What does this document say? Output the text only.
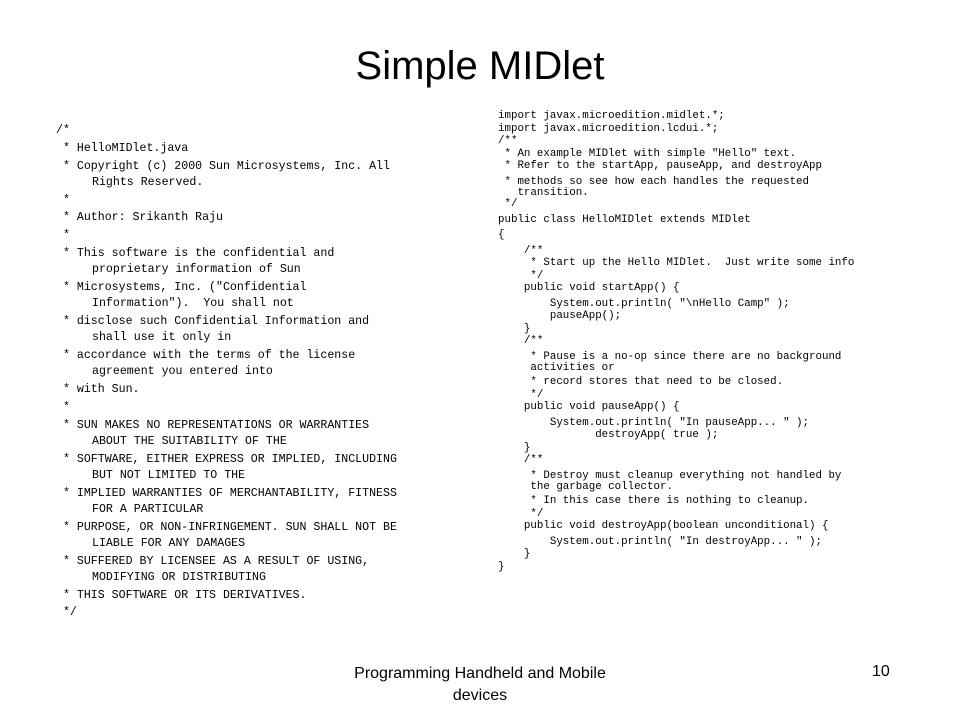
Simple MIDlet
/*
* HelloMIDlet.java
* Copyright (c) 2000 Sun Microsystems, Inc. All
Rights Reserved.
*
* Author: Srikanth Raju
*
* This software is the confidential and
proprietary information of Sun
* Microsystems, Inc. ("Confidential
Information").  You shall not
* disclose such Confidential Information and
shall use it only in
* accordance with the terms of the license
agreement you entered into
* with Sun.
*
* SUN MAKES NO REPRESENTATIONS OR WARRANTIES
ABOUT THE SUITABILITY OF THE
* SOFTWARE, EITHER EXPRESS OR IMPLIED, INCLUDING
BUT NOT LIMITED TO THE
* IMPLIED WARRANTIES OF MERCHANTABILITY, FITNESS
FOR A PARTICULAR
* PURPOSE, OR NON-INFRINGEMENT. SUN SHALL NOT BE
LIABLE FOR ANY DAMAGES
* SUFFERED BY LICENSEE AS A RESULT OF USING,
MODIFYING OR DISTRIBUTING
* THIS SOFTWARE OR ITS DERIVATIVES.
*/
import javax.microedition.midlet.*;
import javax.microedition.lcdui.*;
/**
* An example MIDlet with simple "Hello" text.
* Refer to the startApp, pauseApp, and destroyApp
* methods so see how each handles the requested
transition.
*/
public class HelloMIDlet extends MIDlet
{
/**
* Start up the Hello MIDlet.  Just write some info
*/
public void startApp() {
System.out.println( "\nHello Camp" );
pauseApp();
}
/**
* Pause is a no-op since there are no background
activities or
* record stores that need to be closed.
*/
public void pauseApp() {
System.out.println( "In pauseApp... " );
destroyApp( true );
}
/**
* Destroy must cleanup everything not handled by
the garbage collector.
* In this case there is nothing to cleanup.
*/
public void destroyApp(boolean unconditional) {
System.out.println( "In destroyApp... " );
}
}
Programming Handheld and Mobile devices
10
